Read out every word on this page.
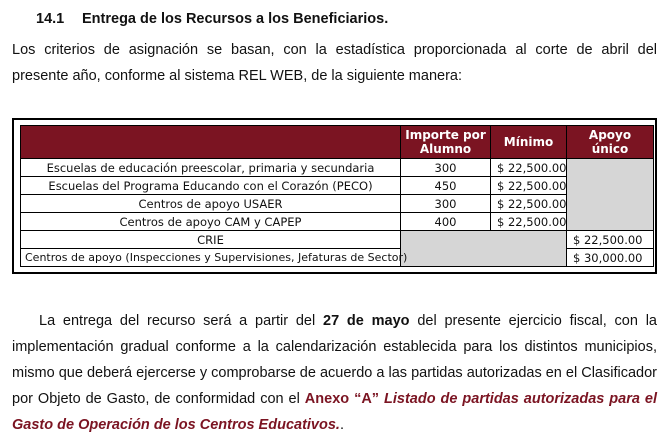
14.1 Entrega de los Recursos a los Beneficiarios.
Los criterios de asignación se basan, con la estadística proporcionada al corte de abril del
presente año, conforme al sistema REL WEB, de la siguiente manera:
	Importe por Alumno	Mínimo	Apoyo único
Escuelas de educación preescolar, primaria y secundaria	300	$ 22,500.00	
Escuelas del Programa Educando con el Corazón (PECO)	450	$ 22,500.00	
Centros de apoyo USAER	300	$ 22,500.00	
Centros de apoyo CAM y CAPEP	400	$ 22,500.00	
CRIE			$ 22,500.00
Centros de apoyo (Inspecciones y Supervisiones, Jefaturas de Sector)			$ 30,000.00
La entrega del recurso será a partir del 27 de mayo del presente ejercicio fiscal, con la implementación gradual conforme a la calendarización establecida para los distintos municipios, mismo que deberá ejercerse y comprobarse de acuerdo a las partidas autorizadas en el Clasificador por Objeto de Gasto, de conformidad con el Anexo “A” Listado de partidas autorizadas para el Gasto de Operación de los Centros Educativos..
